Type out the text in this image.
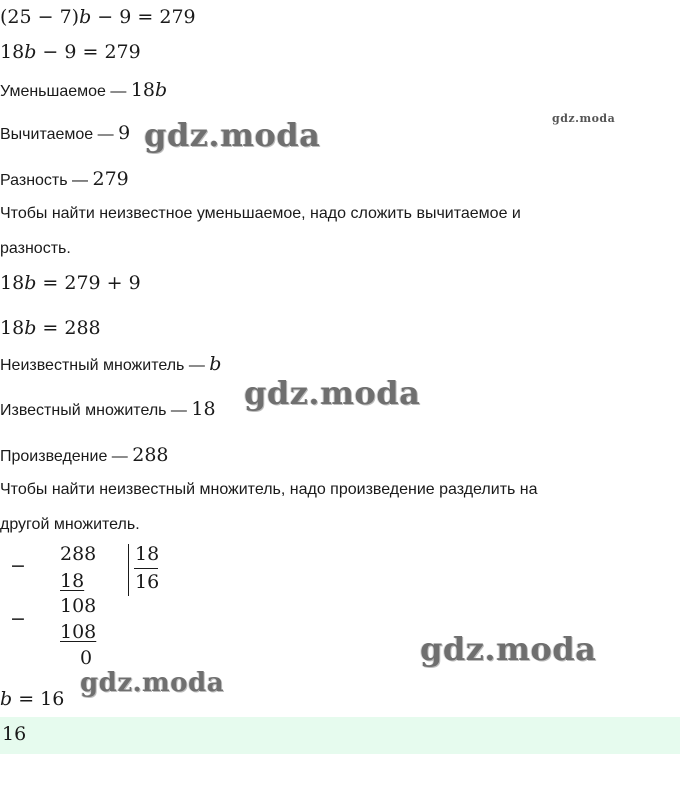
(25 − 7)b − 9 = 279
18b − 9 = 279
Уменьшаемое — 18b
Вычитаемое — 9
Разность — 279
Чтобы найти неизвестное уменьшаемое, надо сложить вычитаемое и
разность.
18b = 279 + 9
18b = 288
Неизвестный множитель — b
Известный множитель — 18
Произведение — 288
Чтобы найти неизвестный множитель, надо произведение разделить на
другой множитель.
−
288
18
18
16
−
108
108
0
b = 16
16
gdz.moda	gdz.moda
gdz.moda
gdz.moda
gdz.moda
